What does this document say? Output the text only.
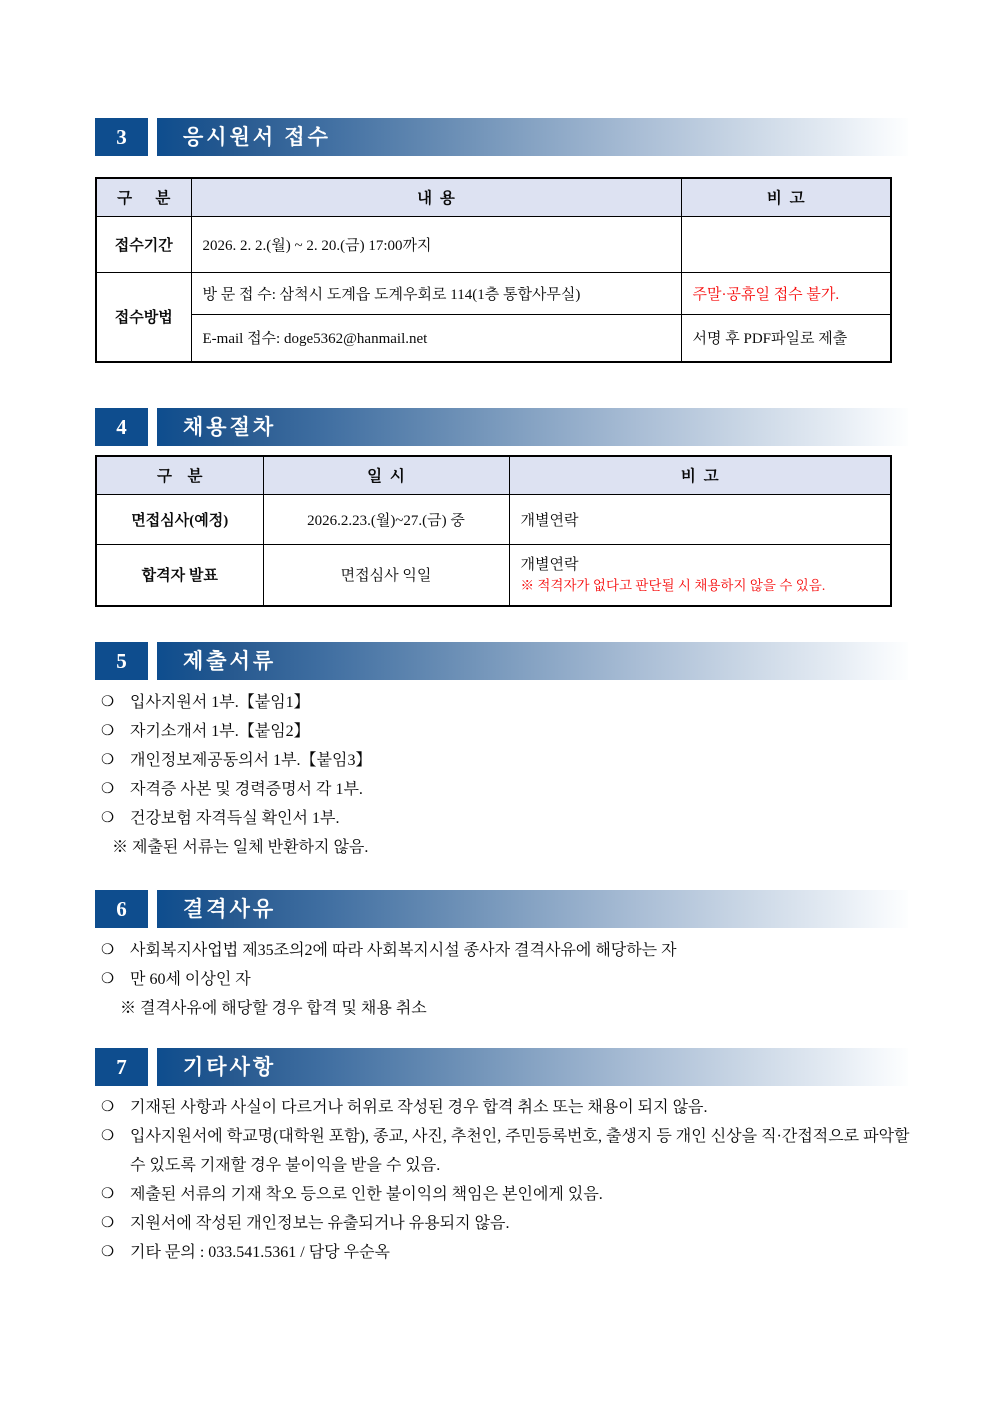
3	응시원서 접수
구      분	내  용	비  고
접수기간	2026. 2. 2.(월) ~ 2. 20.(금) 17:00까지	
접수방법	방 문 접 수: 삼척시 도계읍 도계우회로 114(1층 통합사무실)	주말·공휴일 접수 불가.
	E-mail 접수: doge5362@hanmail.net	서명 후 PDF파일로 제출
4	채용절차
구    분	일  시	비  고
면접심사(예정)	2026.2.23.(월)~27.(금) 중	개별연락
합격자 발표	면접심사 익일	개별연락
※ 적격자가 없다고 판단될 시 채용하지 않을 수 있음.
5	제출서류
❍ 입사지원서 1부.【붙임1】
❍ 자기소개서 1부.【붙임2】
❍ 개인정보제공동의서 1부.【붙임3】
❍ 자격증 사본 및 경력증명서 각 1부.
❍ 건강보험 자격득실 확인서 1부.
※ 제출된 서류는 일체 반환하지 않음.
6	결격사유
❍ 사회복지사업법 제35조의2에 따라 사회복지시설 종사자 결격사유에 해당하는 자
❍ 만 60세 이상인 자
※ 결격사유에 해당할 경우 합격 및 채용 취소
7	기타사항
❍ 기재된 사항과 사실이 다르거나 허위로 작성된 경우 합격 취소 또는 채용이 되지 않음.
❍ 입사지원서에 학교명(대학원 포함), 종교, 사진, 추천인, 주민등록번호, 출생지 등 개인 신상을 직·간접적으로 파악할 수 있도록 기재할 경우 불이익을 받을 수 있음.
❍ 제출된 서류의 기재 착오 등으로 인한 불이익의 책임은 본인에게 있음.
❍ 지원서에 작성된 개인정보는 유출되거나 유용되지 않음.
❍ 기타 문의 : 033.541.5361 / 담당 우순옥
